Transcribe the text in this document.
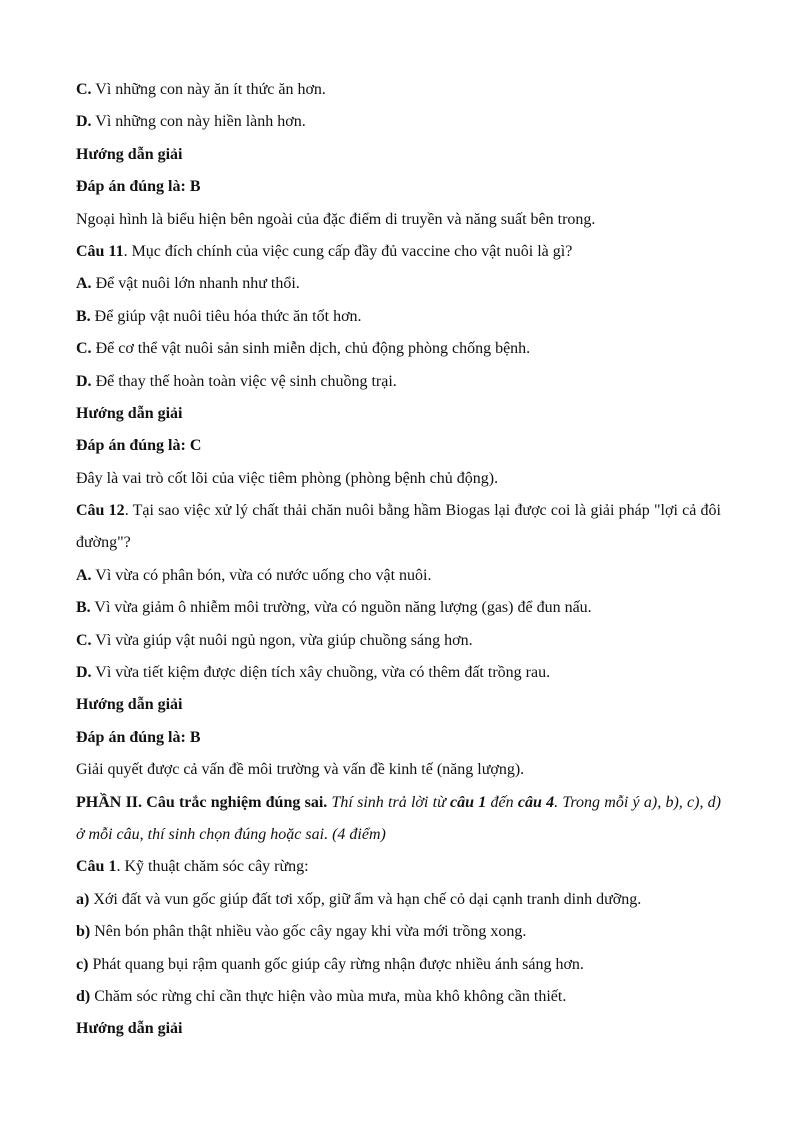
C. Vì những con này ăn ít thức ăn hơn.
D. Vì những con này hiền lành hơn.
Hướng dẫn giải
Đáp án đúng là: B
Ngoại hình là biểu hiện bên ngoài của đặc điểm di truyền và năng suất bên trong.
Câu 11. Mục đích chính của việc cung cấp đầy đủ vaccine cho vật nuôi là gì?
A. Để vật nuôi lớn nhanh như thổi.
B. Để giúp vật nuôi tiêu hóa thức ăn tốt hơn.
C. Để cơ thể vật nuôi sản sinh miễn dịch, chủ động phòng chống bệnh.
D. Để thay thế hoàn toàn việc vệ sinh chuồng trại.
Hướng dẫn giải
Đáp án đúng là: C
Đây là vai trò cốt lõi của việc tiêm phòng (phòng bệnh chủ động).
Câu 12. Tại sao việc xử lý chất thải chăn nuôi bằng hầm Biogas lại được coi là giải pháp "lợi cả đôi đường"?
A. Vì vừa có phân bón, vừa có nước uống cho vật nuôi.
B. Vì vừa giảm ô nhiễm môi trường, vừa có nguồn năng lượng (gas) để đun nấu.
C. Vì vừa giúp vật nuôi ngủ ngon, vừa giúp chuồng sáng hơn.
D. Vì vừa tiết kiệm được diện tích xây chuồng, vừa có thêm đất trồng rau.
Hướng dẫn giải
Đáp án đúng là: B
Giải quyết được cả vấn đề môi trường và vấn đề kinh tế (năng lượng).
PHẦN II. Câu trắc nghiệm đúng sai. Thí sinh trả lời từ câu 1 đến câu 4. Trong mỗi ý a), b), c), d) ở mỗi câu, thí sinh chọn đúng hoặc sai. (4 điểm)
Câu 1. Kỹ thuật chăm sóc cây rừng:
a) Xới đất và vun gốc giúp đất tơi xốp, giữ ẩm và hạn chế cỏ dại cạnh tranh dinh dưỡng.
b) Nên bón phân thật nhiều vào gốc cây ngay khi vừa mới trồng xong.
c) Phát quang bụi rậm quanh gốc giúp cây rừng nhận được nhiều ánh sáng hơn.
d) Chăm sóc rừng chỉ cần thực hiện vào mùa mưa, mùa khô không cần thiết.
Hướng dẫn giải
